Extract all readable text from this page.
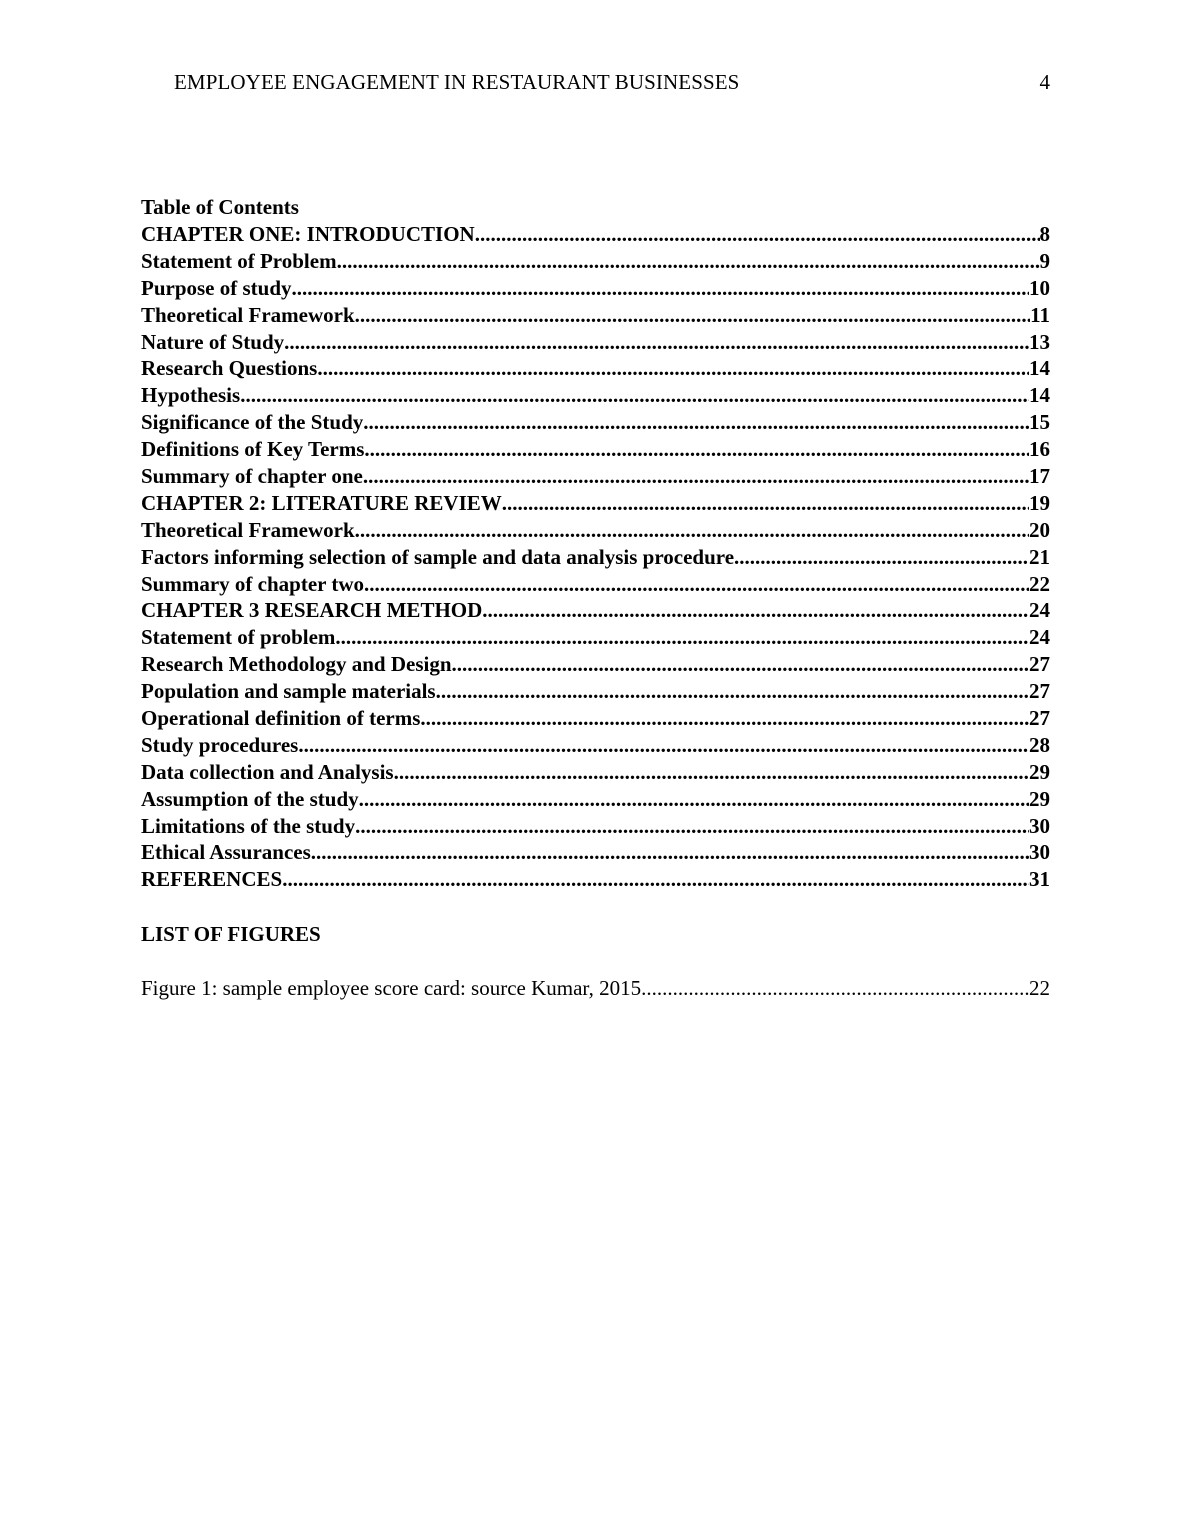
EMPLOYEE ENGAGEMENT IN RESTAURANT BUSINESSES	4
Table of Contents
CHAPTER ONE: INTRODUCTION .....	8
Statement of Problem .....	9
Purpose of study .....	10
Theoretical Framework .....	11
Nature of Study .....	13
Research Questions .....	14
Hypothesis .....	14
Significance of the Study .....	15
Definitions of Key Terms .....	16
Summary of chapter one .....	17
CHAPTER 2: LITERATURE REVIEW .....	19
Theoretical Framework .....	20
Factors informing selection of sample and data analysis procedure .....	21
Summary of chapter two .....	22
CHAPTER 3 RESEARCH METHOD .....	24
Statement of problem .....	24
Research Methodology and Design .....	27
Population and sample materials .....	27
Operational definition of terms .....	27
Study procedures .....	28
Data collection and Analysis .....	29
Assumption of the study .....	29
Limitations of the study .....	30
Ethical Assurances .....	30
REFERENCES .....	31
LIST OF FIGURES
Figure 1: sample employee score card: source Kumar, 2015 .....	22
